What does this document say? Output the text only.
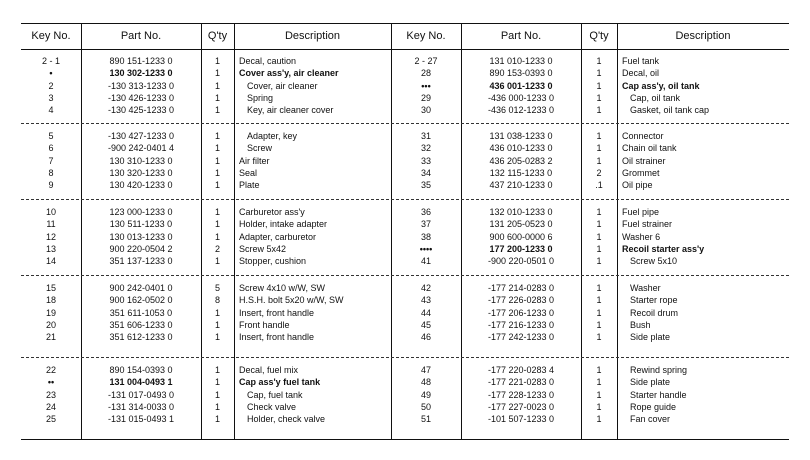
Key No.	Part No.	Q'ty	Description	Key No.	Part No.	Q'ty	Description
2 - 1	890 151-1233 0	1	Decal, caution	2 - 27	131 010-1233 0	1	Fuel tank
•	130 302-1233 0	1	Cover ass'y, air cleaner	28	890 153-0393 0	1	Decal, oil
2	-130 313-1233 0	1	Cover, air cleaner	•••	436 001-1233 0	1	Cap ass'y, oil tank
3	-130 426-1233 0	1	Spring	29	-436 000-1233 0	1	Cap, oil tank
4	-130 425-1233 0	1	Key, air cleaner cover	30	-436 012-1233 0	1	Gasket, oil tank cap
5	-130 427-1233 0	1	Adapter, key	31	131 038-1233 0	1	Connector
6	-900 242-0401 4	1	Screw	32	436 010-1233 0	1	Chain oil tank
7	130 310-1233 0	1	Air filter	33	436 205-0283 2	1	Oil strainer
8	130 320-1233 0	1	Seal	34	132 115-1233 0	2	Grommet
9	130 420-1233 0	1	Plate	35	437 210-1233 0	.1	Oil pipe
10	123 000-1233 0	1	Carburetor ass'y	36	132 010-1233 0	1	Fuel pipe
11	130 511-1233 0	1	Holder, intake adapter	37	131 205-0523 0	1	Fuel strainer
12	130 013-1233 0	1	Adapter, carburetor	38	900 600-0000 6	1	Washer 6
13	900 220-0504 2	2	Screw 5x42	••••	177 200-1233 0	1	Recoil starter ass'y
14	351 137-1233 0	1	Stopper, cushion	41	-900 220-0501 0	1	Screw 5x10
15	900 242-0401 0	5	Screw 4x10 w/W, SW	42	-177 214-0283 0	1	Washer
18	900 162-0502 0	8	H.S.H. bolt 5x20 w/W, SW	43	-177 226-0283 0	1	Starter rope
19	351 611-1053 0	1	Insert, front handle	44	-177 206-1233 0	1	Recoil drum
20	351 606-1233 0	1	Front handle	45	-177 216-1233 0	1	Bush
21	351 612-1233 0	1	Insert, front handle	46	-177 242-1233 0	1	Side plate
22	890 154-0393 0	1	Decal, fuel mix	47	-177 220-0283 4	1	Rewind spring
••	131 004-0493 1	1	Cap ass'y fuel tank	48	-177 221-0283 0	1	Side plate
23	-131 017-0493 0	1	Cap, fuel tank	49	-177 228-1233 0	1	Starter handle
24	-131 314-0033 0	1	Check valve	50	-177 227-0023 0	1	Rope guide
25	-131 015-0493 1	1	Holder, check valve	51	-101 507-1233 0	1	Fan cover
